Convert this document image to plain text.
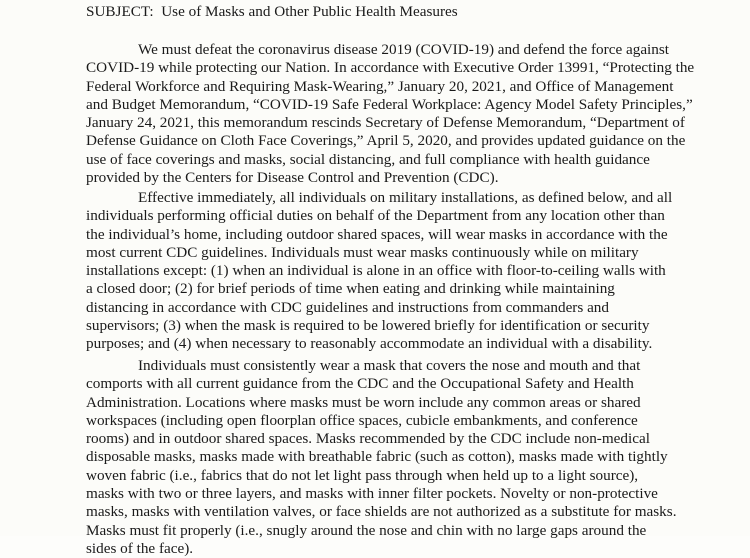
SUBJECT:  Use of Masks and Other Public Health Measures
We must defeat the coronavirus disease 2019 (COVID-19) and defend the force against
COVID-19 while protecting our Nation. In accordance with Executive Order 13991, “Protecting the
Federal Workforce and Requiring Mask-Wearing,” January 20, 2021, and Office of Management
and Budget Memorandum, “COVID-19 Safe Federal Workplace: Agency Model Safety Principles,”
January 24, 2021, this memorandum rescinds Secretary of Defense Memorandum, “Department of
Defense Guidance on Cloth Face Coverings,” April 5, 2020, and provides updated guidance on the
use of face coverings and masks, social distancing, and full compliance with health guidance
provided by the Centers for Disease Control and Prevention (CDC).
Effective immediately, all individuals on military installations, as defined below, and all
individuals performing official duties on behalf of the Department from any location other than
the individual’s home, including outdoor shared spaces, will wear masks in accordance with the
most current CDC guidelines. Individuals must wear masks continuously while on military
installations except: (1) when an individual is alone in an office with floor-to-ceiling walls with
a closed door; (2) for brief periods of time when eating and drinking while maintaining
distancing in accordance with CDC guidelines and instructions from commanders and
supervisors; (3) when the mask is required to be lowered briefly for identification or security
purposes; and (4) when necessary to reasonably accommodate an individual with a disability.
Individuals must consistently wear a mask that covers the nose and mouth and that
comports with all current guidance from the CDC and the Occupational Safety and Health
Administration. Locations where masks must be worn include any common areas or shared
workspaces (including open floorplan office spaces, cubicle embankments, and conference
rooms) and in outdoor shared spaces. Masks recommended by the CDC include non-medical
disposable masks, masks made with breathable fabric (such as cotton), masks made with tightly
woven fabric (i.e., fabrics that do not let light pass through when held up to a light source),
masks with two or three layers, and masks with inner filter pockets. Novelty or non-protective
masks, masks with ventilation valves, or face shields are not authorized as a substitute for masks.
Masks must fit properly (i.e., snugly around the nose and chin with no large gaps around the
sides of the face).
